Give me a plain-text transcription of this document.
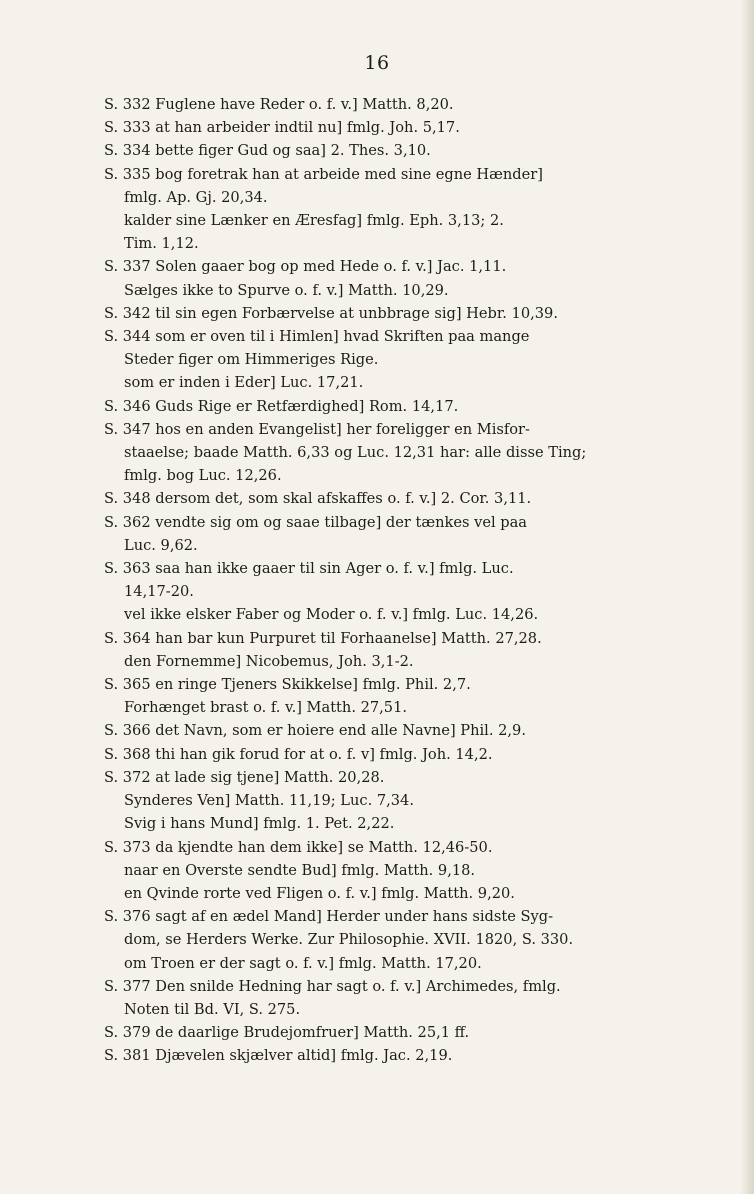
16
S. 332 Fuglene have Reder o. f. v.] Matth. 8,20.
S. 333 at han arbeider indtil nu] fmlg. Joh. 5,17.
S. 334 bette figer Gud og saa] 2. Thes. 3,10.
S. 335 bog foretrak han at arbeide med sine egne Hænder]
fmlg. Ap. Gj. 20,34.
kalder sine Lænker en Æresfag] fmlg. Eph. 3,13; 2.
Tim. 1,12.
S. 337 Solen gaaer bog op med Hede o. f. v.] Jac. 1,11.
Sælges ikke to Spurve o. f. v.] Matth. 10,29.
S. 342 til sin egen Forbærvelse at unbbrage sig] Hebr. 10,39.
S. 344 som er oven til i Himlen] hvad Skriften paa mange
Steder figer om Himmeriges Rige.
som er inden i Eder] Luc. 17,21.
S. 346 Guds Rige er Retfærdighed] Rom. 14,17.
S. 347 hos en anden Evangelist] her foreligger en Misfor-
staaelse; baade Matth. 6,33 og Luc. 12,31 har: alle disse Ting;
fmlg. bog Luc. 12,26.
S. 348 dersom det, som skal afskaffes o. f. v.] 2. Cor. 3,11.
S. 362 vendte sig om og saae tilbage] der tænkes vel paa
Luc. 9,62.
S. 363 saa han ikke gaaer til sin Ager o. f. v.] fmlg. Luc.
14,17-20.
vel ikke elsker Faber og Moder o. f. v.] fmlg. Luc. 14,26.
S. 364 han bar kun Purpuret til Forhaanelse] Matth. 27,28.
den Fornemme] Nicobemus, Joh. 3,1-2.
S. 365 en ringe Tjeners Skikkelse] fmlg. Phil. 2,7.
Forhænget brast o. f. v.] Matth. 27,51.
S. 366 det Navn, som er hoiere end alle Navne] Phil. 2,9.
S. 368 thi han gik forud for at o. f. v] fmlg. Joh. 14,2.
S. 372 at lade sig tjene] Matth. 20,28.
Synderes Ven] Matth. 11,19; Luc. 7,34.
Svig i hans Mund] fmlg. 1. Pet. 2,22.
S. 373 da kjendte han dem ikke] se Matth. 12,46-50.
naar en Overste sendte Bud] fmlg. Matth. 9,18.
en Qvinde rorte ved Fligen o. f. v.] fmlg. Matth. 9,20.
S. 376 sagt af en ædel Mand] Herder under hans sidste Syg-
dom, se Herders Werke. Zur Philosophie. XVII. 1820, S. 330.
om Troen er der sagt o. f. v.] fmlg. Matth. 17,20.
S. 377 Den snilde Hedning har sagt o. f. v.] Archimedes, fmlg.
Noten til Bd. VI, S. 275.
S. 379 de daarlige Brudejomfruer] Matth. 25,1 ff.
S. 381 Djævelen skjælver altid] fmlg. Jac. 2,19.
